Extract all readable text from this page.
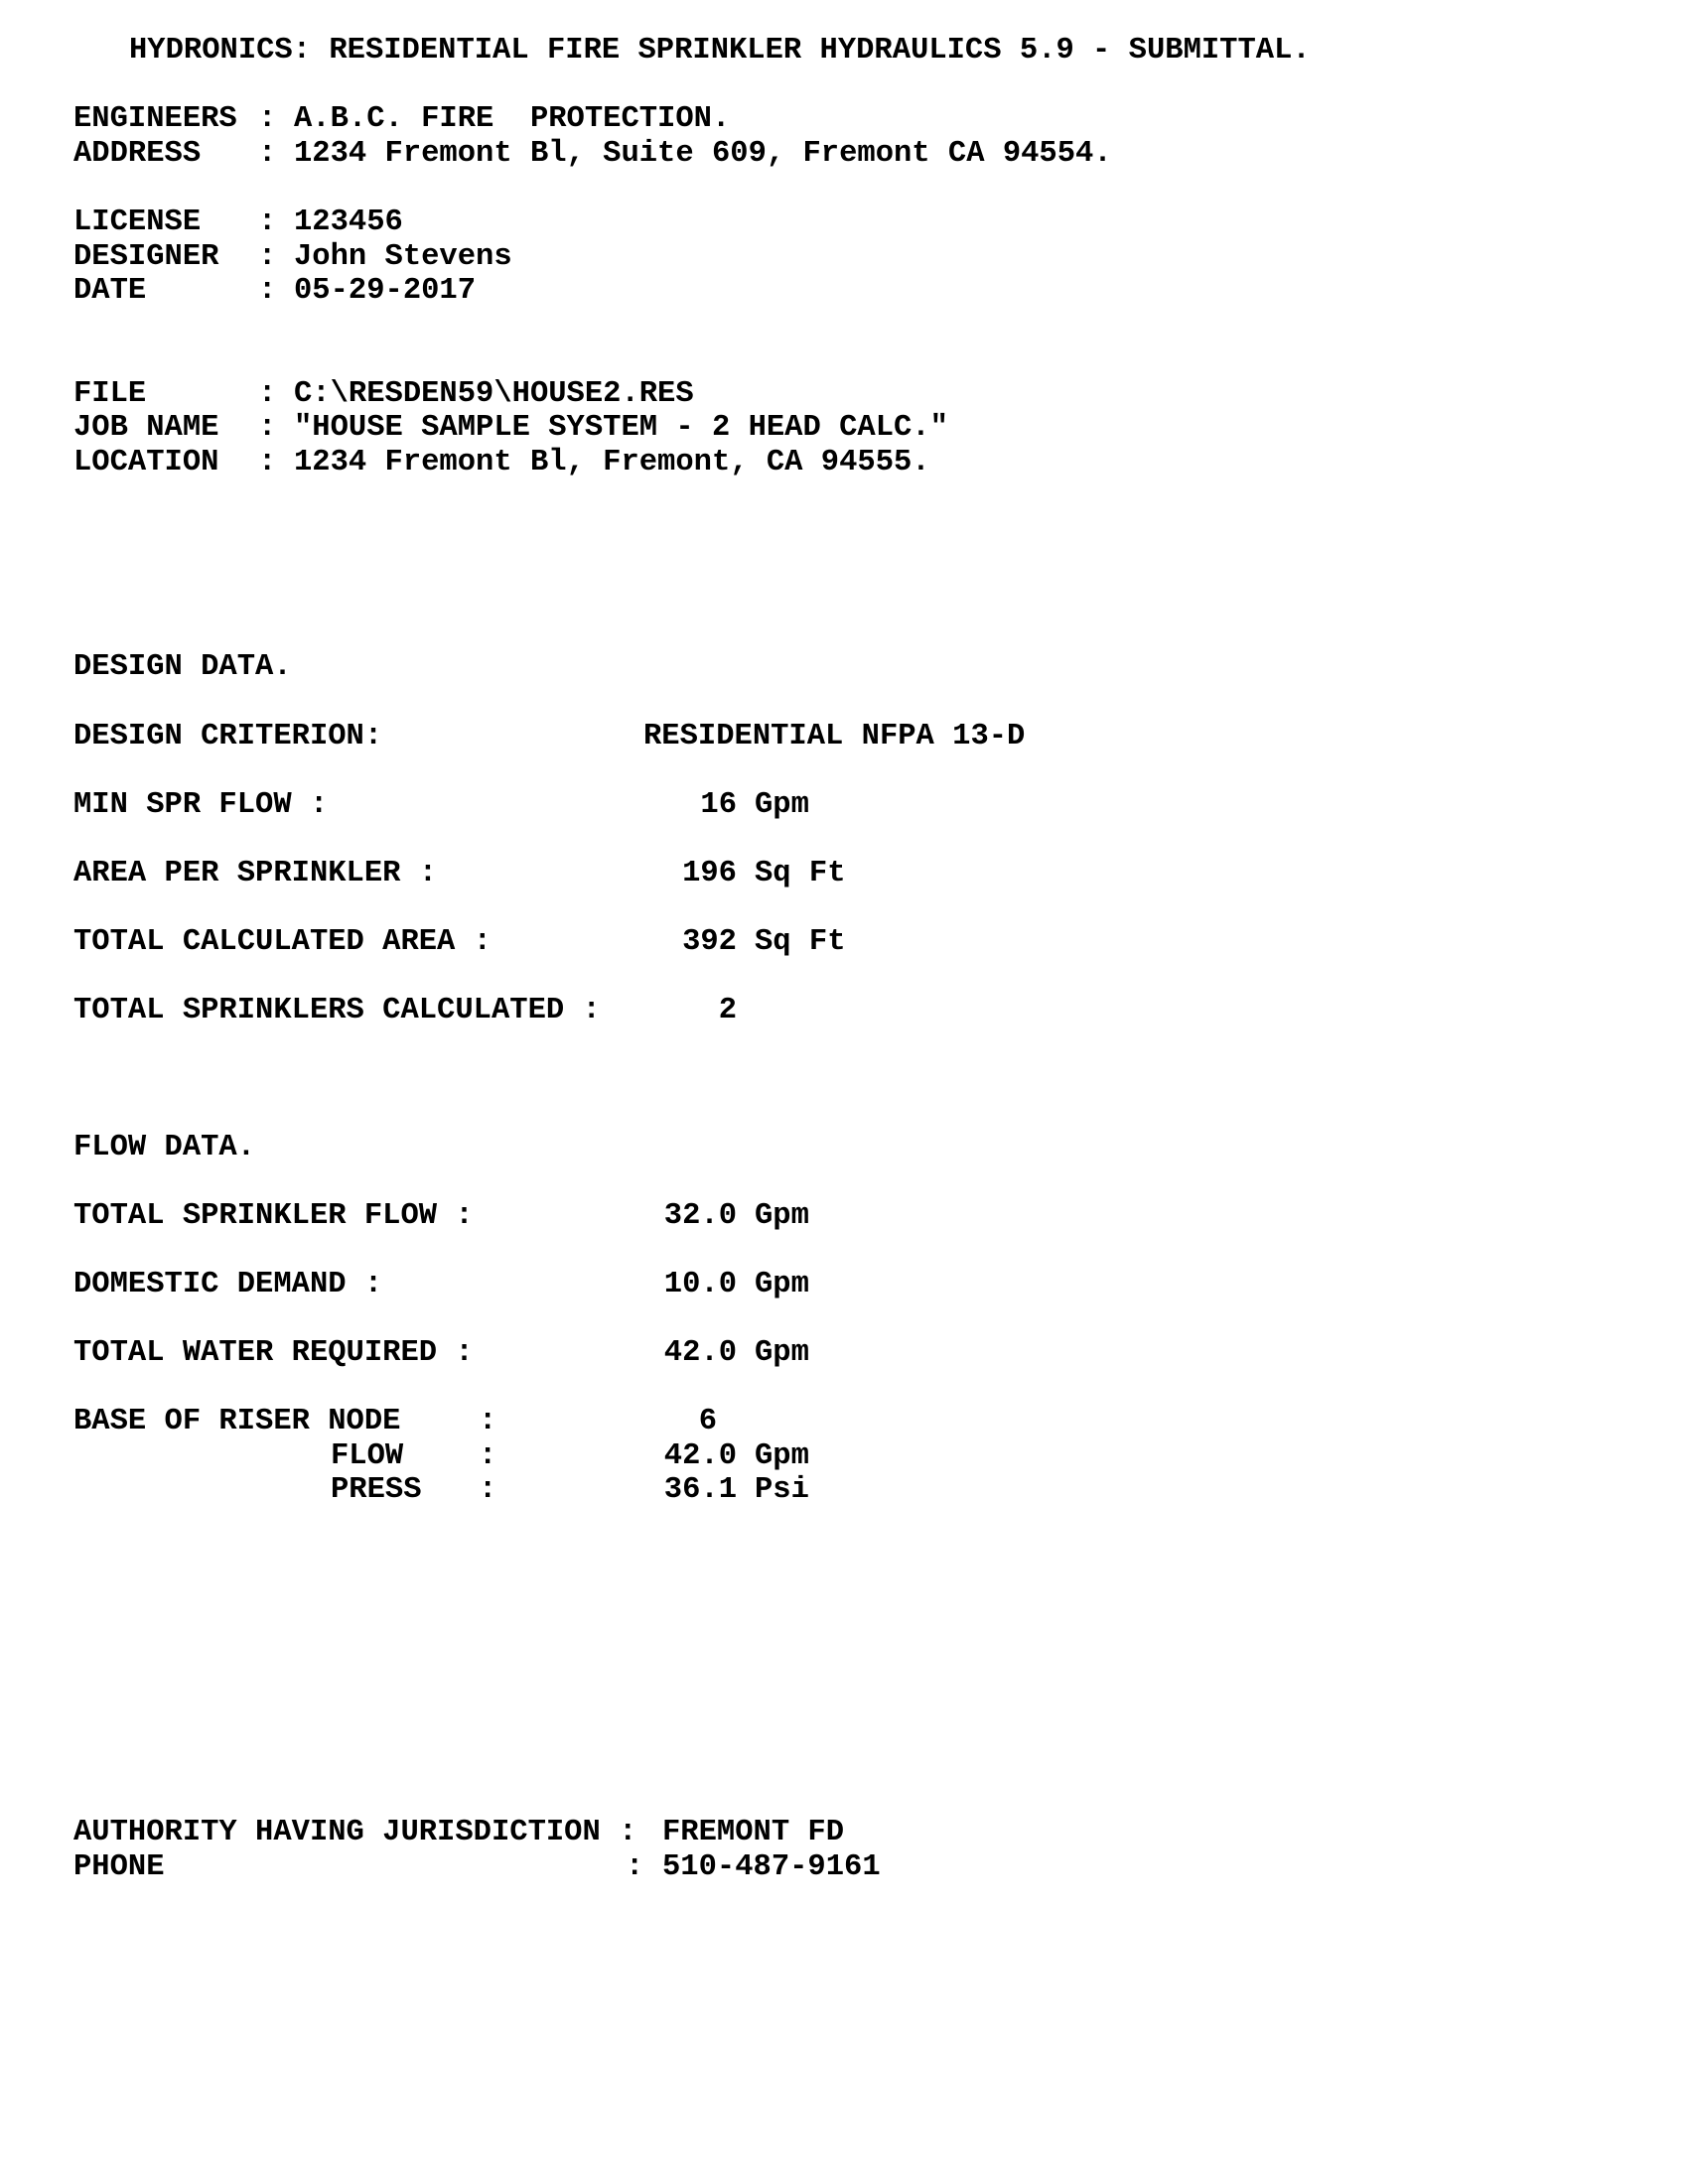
HYDRONICS: RESIDENTIAL FIRE SPRINKLER HYDRAULICS 5.9 - SUBMITTAL.
ENGINEERS : A.B.C. FIRE  PROTECTION.
ADDRESS : 1234 Fremont Bl, Suite 609, Fremont CA 94554.
LICENSE : 123456
DESIGNER : John Stevens
DATE	: 05-29-2017
FILE	: C:\RESDEN59\HOUSE2.RES
JOB NAME : "HOUSE SAMPLE SYSTEM - 2 HEAD CALC."
LOCATION : 1234 Fremont Bl, Fremont, CA 94555.
DESIGN DATA.
DESIGN CRITERION:	RESIDENTIAL NFPA 13-D
MIN SPR FLOW :	16 Gpm
AREA PER SPRINKLER :	196 Sq Ft
TOTAL CALCULATED AREA :	392 Sq Ft
TOTAL SPRINKLERS CALCULATED :	2
FLOW DATA.
TOTAL SPRINKLER FLOW :	32.0 Gpm
DOMESTIC DEMAND :	10.0 Gpm
TOTAL WATER REQUIRED :	42.0 Gpm
BASE OF RISER NODE	:	6
FLOW :	42.0 Gpm
PRESS :	36.1 Psi
AUTHORITY HAVING JURISDICTION : FREMONT FD
PHONE	: 510-487-9161
